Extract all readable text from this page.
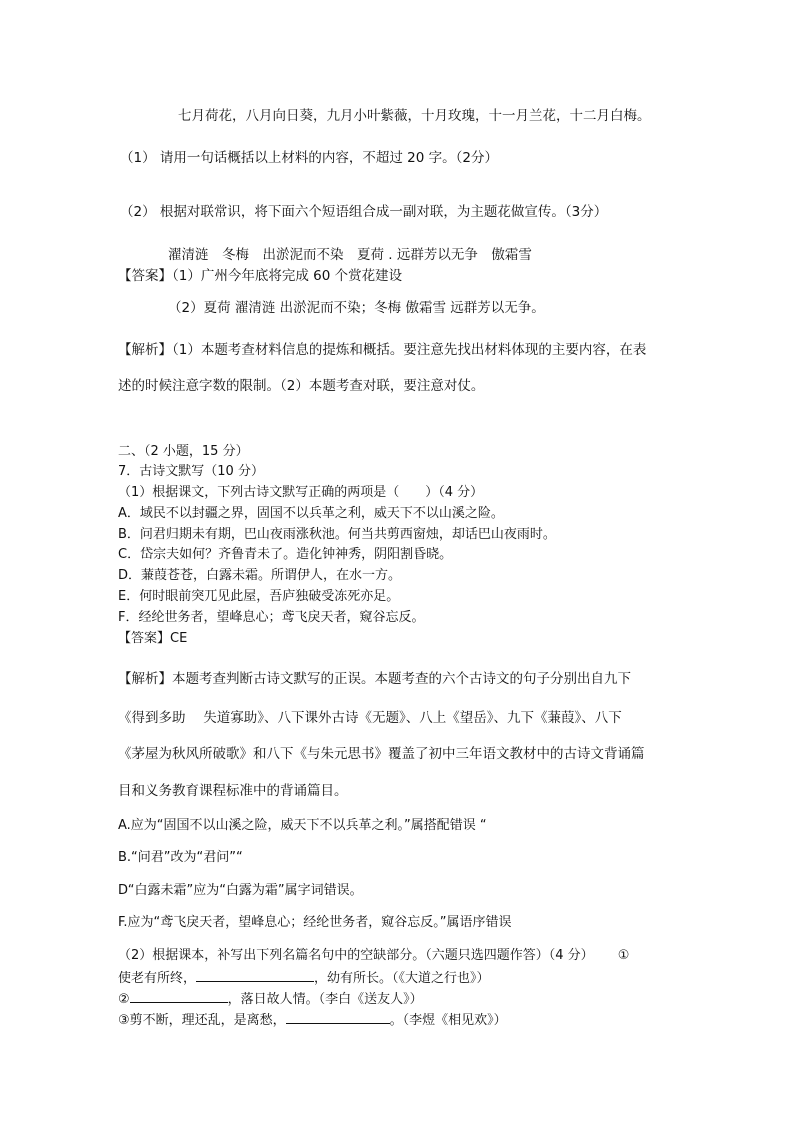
七月荷花，八月向日葵，九月小叶紫薇，十月玫瑰，十一月兰花，十二月白梅。
（1） 请用一句话概括以上材料的内容，不超过 20 字。（2分）
（2） 根据对联常识，将下面六个短语组合成一副对联，为主题花做宣传。（3分）
濯清涟　冬梅　出淤泥而不染　夏荷 . 远群芳以无争　傲霜雪
【答案】（1）广州今年底将完成 60 个赏花建设
（2）夏荷 濯清涟 出淤泥而不染；冬梅 傲霜雪 远群芳以无争。
【解析】（1）本题考查材料信息的提炼和概括。要注意先找出材料体现的主要内容，在表
述的时候注意字数的限制。（2）本题考查对联，要注意对仗。
二、（2 小题，15 分）
7．古诗文默写（10 分）
（1）根据课文，下列古诗文默写正确的两项是（　　）（4 分）
A．域民不以封疆之界，固国不以兵革之利，威天下不以山溪之险。
B．问君归期未有期，巴山夜雨涨秋池。何当共剪西窗烛，却话巴山夜雨时。
C．岱宗夫如何？齐鲁青未了。造化钟神秀，阴阳割昏晓。
D．蒹葭苍苍，白露未霜。所谓伊人，在水一方。
E．何时眼前突兀见此屋，吾庐独破受冻死亦足。
F．经纶世务者，望峰息心；鸢飞戾天者，窥谷忘反。
【答案】CE
【解析】本题考查判断古诗文默写的正误。本题考查的六个古诗文的句子分别出自九下
《得到多助　 失道寡助》、八下课外古诗《无题》、八上《望岳》、九下《蒹葭》、八下
《茅屋为秋风所破歌》和八下《与朱元思书》覆盖了初中三年语文教材中的古诗文背诵篇
目和义务教育课程标准中的背诵篇目。
A.应为“固国不以山溪之险，威天下不以兵革之利。”属搭配错误 “
B.“问君”改为“君问”“
D“白露未霜”应为“白露为霜”属字词错误。
F.应为“鸢飞戾天者，望峰息心；经纶世务者，窥谷忘反。”属语序错误
（2）根据课本，补写出下列名篇名句中的空缺部分。（六题只选四题作答）（4 分） ①
使老有所终，	，幼有所长。（《大道之行也》）
②	，落日故人情。（李白《送友人》）
③剪不断，理还乱，是离愁，	。（李煜《相见欢》）
